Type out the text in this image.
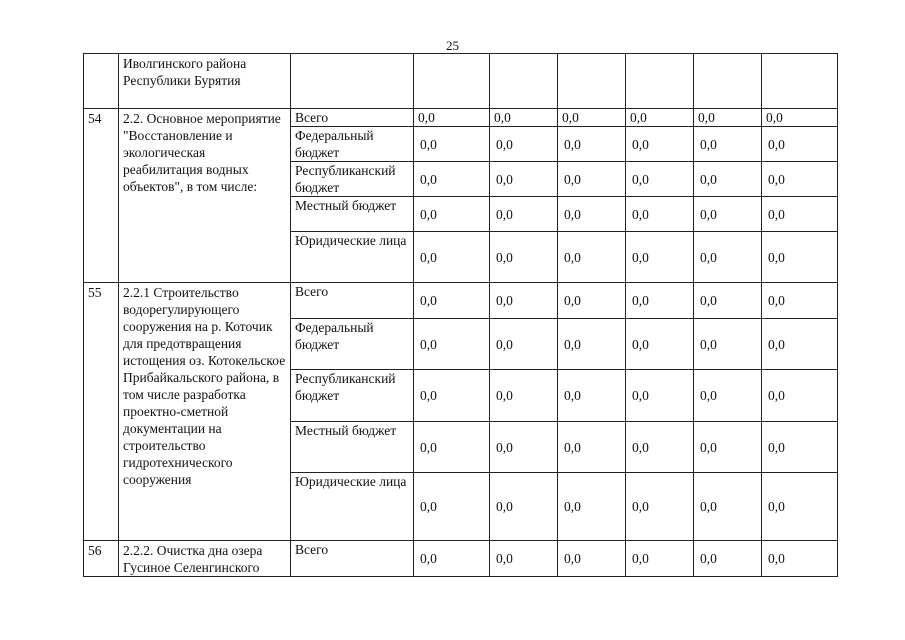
25
	Иволгинского района Республики Бурятия							
54	2.2. Основное мероприятие "Восстановление и экологическая реабилитация водных объектов", в том числе:	Всего	0,0	0,0	0,0	0,0	0,0	0,0
		Федеральный бюджет	0,0	0,0	0,0	0,0	0,0	0,0
		Республиканский бюджет	0,0	0,0	0,0	0,0	0,0	0,0
		Местный бюджет	0,0	0,0	0,0	0,0	0,0	0,0
		Юридические лица	0,0	0,0	0,0	0,0	0,0	0,0
55	2.2.1 Строительство водорегулирующего сооружения на р. Коточик для предотвращения истощения оз. Котокельское Прибайкальского района, в том числе разработка проектно-сметной документации на строительство гидротехнического сооружения	Всего	0,0	0,0	0,0	0,0	0,0	0,0
		Федеральный бюджет	0,0	0,0	0,0	0,0	0,0	0,0
		Республиканский бюджет	0,0	0,0	0,0	0,0	0,0	0,0
		Местный бюджет	0,0	0,0	0,0	0,0	0,0	0,0
		Юридические лица	0,0	0,0	0,0	0,0	0,0	0,0
56	2.2.2. Очистка дна озера Гусиное Селенгинского	Всего	0,0	0,0	0,0	0,0	0,0	0,0
